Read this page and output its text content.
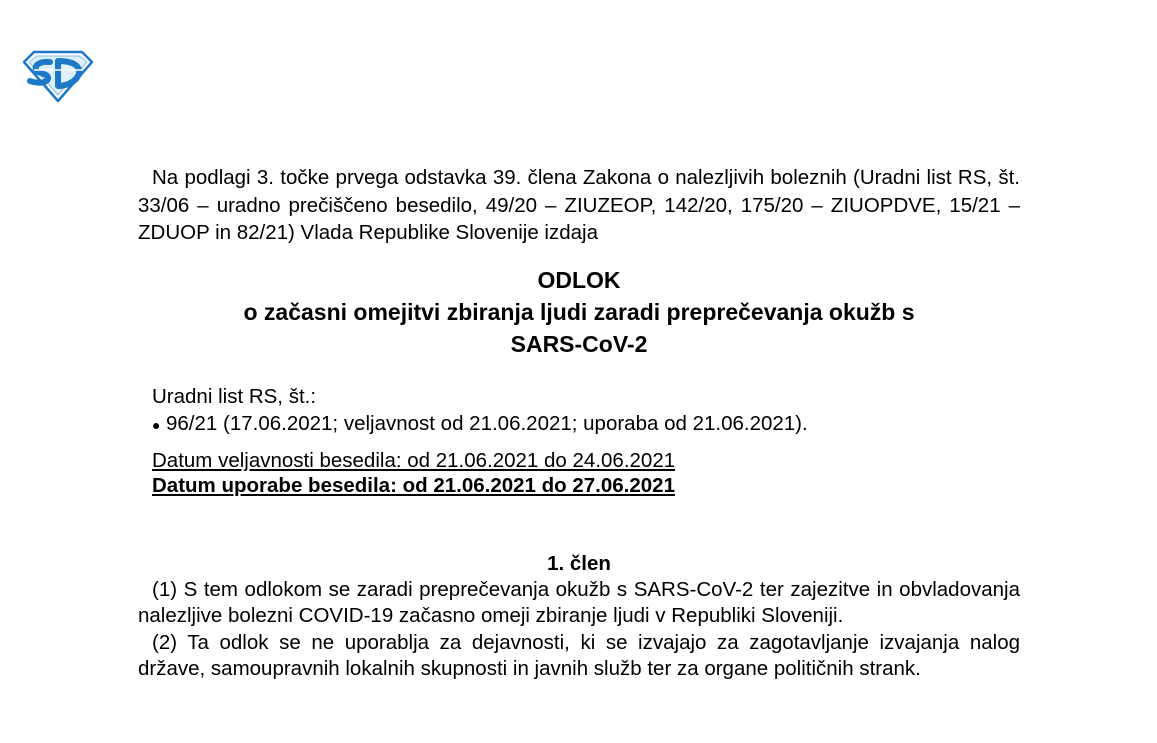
Na podlagi 3. točke prvega odstavka 39. člena Zakona o nalezljivih boleznih (Uradni list RS, št. 33/06 – uradno prečiščeno besedilo, 49/20 – ZIUZEOP, 142/20, 175/20 – ZIUOPDVE, 15/21 – ZDUOP in 82/21) Vlada Republike Slovenije izdaja

ODLOK
o začasni omejitvi zbiranja ljudi zaradi preprečevanja okužb s
SARS-CoV-2
Uradni list RS, št.:
● 96/21 (17.06.2021; veljavnost od 21.06.2021; uporaba od 21.06.2021).
Datum veljavnosti besedila: od 21.06.2021 do 24.06.2021
Datum uporabe besedila: od 21.06.2021 do 27.06.2021
1. člen

(1) S tem odlokom se zaradi preprečevanja okužb s SARS-CoV-2 ter zajezitve in obvladovanja nalezljive bolezni COVID-19 začasno omeji zbiranje ljudi v Republiki Sloveniji.

(2) Ta odlok se ne uporablja za dejavnosti, ki se izvajajo za zagotavljanje izvajanja nalog države, samoupravnih lokalnih skupnosti in javnih služb ter za organe političnih strank.
